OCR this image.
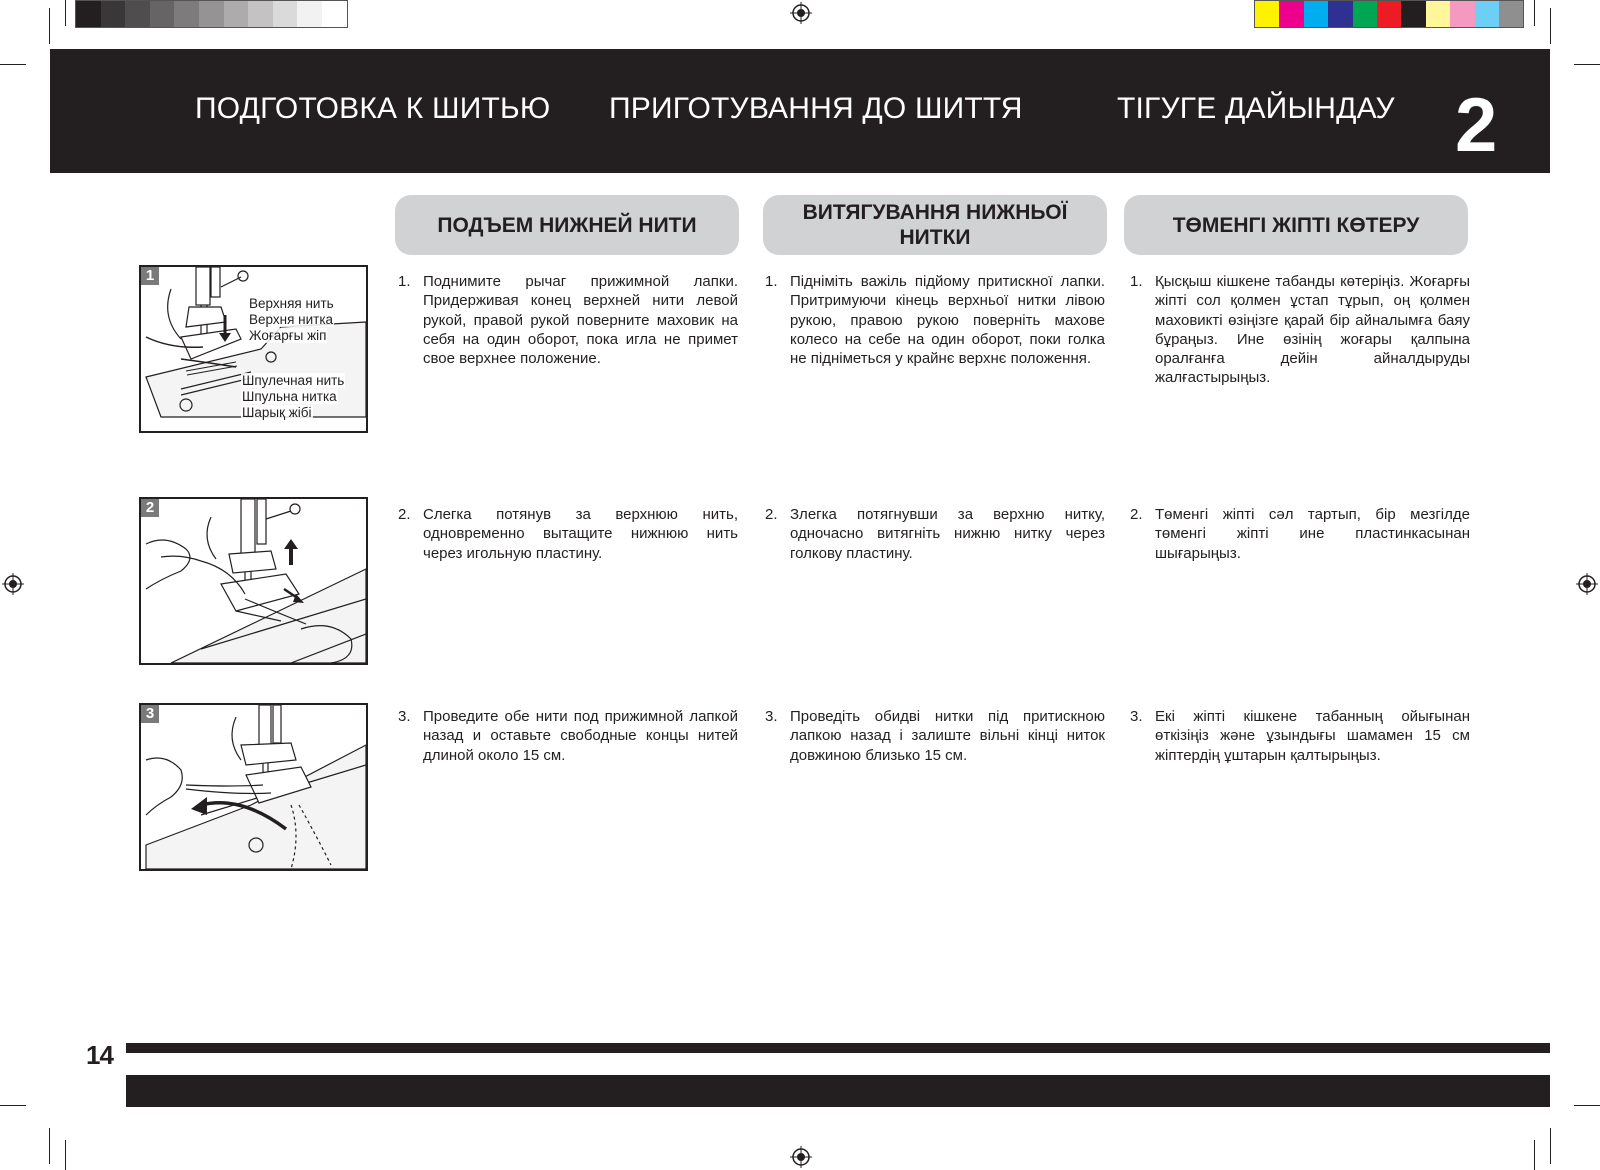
ПОДГОТОВКА К ШИТЬЮ ПРИГОТУВАННЯ ДО ШИТТЯ	ТІГУГЕ ДАЙЫНДАУ 2
ПОДЪЕМ НИЖНЕЙ НИТИ
ВИТЯГУВАННЯ НИЖНЬОЇ НИТКИ
ТӨМЕНГІ ЖІПТІ КӨТЕРУ
1
Верхняя нить
Верхня нитка
Жоғарғы жіп
Шпулечная нить
Шпульна нитка
Шарық жібі
2
3
1. Поднимите рычаг прижимной лапки. Придерживая конец верхней нити левой рукой, правой рукой поверните маховик на себя на один оборот, пока игла не примет свое верхнее положение.
1. Підніміть важіль підйому притискної лапки. Притримуючи кінець верхньої нитки лівою рукою, правою рукою поверніть махове колесо на себе на один оборот, поки голка не підніметься у крайнє верхнє положення.
1. Қысқыш кішкене табанды көтеріңіз. Жоғарғы жіпті сол қолмен ұстап тұрып, оң қолмен маховикті өзіңізге қарай бір айналымға баяу бұраңыз. Ине өзінің жоғары қалпына оралғанға дейін айналдыруды жалғастырыңыз.
2. Слегка потянув за верхнюю нить, одновременно вытащите нижнюю нить через игольную пластину.
2. Злегка потягнувши за верхню нитку, одночасно витягніть нижню нитку через голкову пластину.
2. Төменгі жіпті сәл тартып, бір мезгілде төменгі жіпті ине пластинкасынан шығарыңыз.
3. Проведите обе нити под прижимной лапкой назад и оставьте свободные концы нитей длиной около 15 см.
3. Проведіть обидві нитки під притискною лапкою назад і залиште вільні кінці ниток довжиною близько 15 см.
3. Екі жіпті кішкене табанның ойығынан өткізіңіз және ұзындығы шамамен 15 см жіптердің ұштарын қалтырыңыз.
14
